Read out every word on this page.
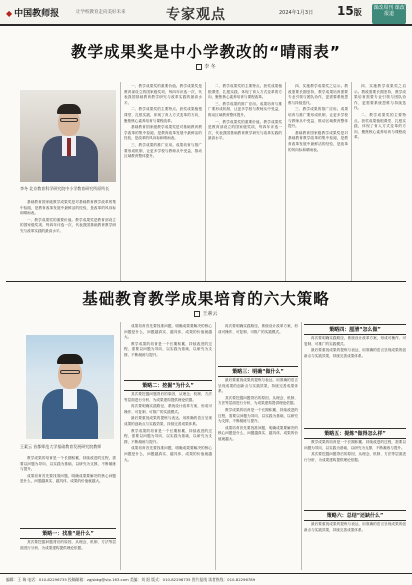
◆ 中国教师报	让学校教育走向美好未来	专家观点	2024年1月3日 15版 课改周刊 课改报道
教学成果奖是中小学教改的“晴雨表”
李 冬
李冬 北京教育科学研究院中小学教育研究所原所长

基础教育国家级教学成果奖是对基础教育教学改革的集中检阅，是教育改革发展中最鲜活的经验，是改革的风向标和晴雨表。

一、教学成果奖的重要价值。教学成果奖是教育部设立的国家级奖项，每四年评选一次，代表我国基础教育教学研究与改革实践的最高水平。

一、教学成果奖的重要价值。教学成果奖是教育部设立的国家级奖项，每四年评选一次，代表我国基础教育教学研究与改革实践的最高水平。

二、教学成果奖的主要特点。获奖成果植根课堂、扎根实践，体现了育人方式变革的方向，聚焦核心素养培育与课程改革。

基础教育国家级教学成果奖是对基础教育教学改革的集中检阅，是教育改革发展中最鲜活的经验，是改革的风向标和晴雨表。

三、教学成果的推广应用。成果培育与推广要形成机制，让更多学校与教师从中受益，推动区域教育整体提升。

二、教学成果奖的主要特点。获奖成果植根课堂、扎根实践，体现了育人方式变革的方向，聚焦核心素养培育与课程改革。

三、教学成果的推广应用。成果培育与推广要形成机制，让更多学校与教师从中受益，推动区域教育整体提升。

一、教学成果奖的重要价值。教学成果奖是教育部设立的国家级奖项，每四年评选一次，代表我国基础教育教学研究与改革实践的最高水平。

四、实施教学成果奖之启示。教改需要长期坚持，教学成果培育需要专业引领与团队协作，更需要系统思维与持续迭代。

三、教学成果的推广应用。成果培育与推广要形成机制，让更多学校与教师从中受益，推动区域教育整体提升。

基础教育国家级教学成果奖是对基础教育教学改革的集中检阅，是教育改革发展中最鲜活的经验，是改革的风向标和晴雨表。

四、实施教学成果奖之启示。教改需要长期坚持，教学成果培育需要专业引领与团队协作，更需要系统思维与持续迭代。

二、教学成果奖的主要特点。获奖成果植根课堂、扎根实践，体现了育人方式变革的方向，聚焦核心素养培育与课程改革。

基础教育教学成果培育的六大策略
王素云
王素云 首都师范大学基础教育发展研究院教师

教学成果的培育是一个长期积累、持续改进的过程，需要以问题为导向，以实践为基础，以研究为支撑，不断凝练与提升。

成果培育首先要找准问题，明确成果要解决的核心问题是什么，问题越真实、越具体，成果的价值就越大。

策略一：找准“是什么”

其次要挖掘问题背后的原因，从理念、机制、方法等层面进行分析，为成果建构提供理论依据。

成果培育首先要找准问题，明确成果要解决的核心问题是什么，问题越真实、越具体，成果的价值就越大。

教学成果的培育是一个长期积累、持续改进的过程，需要以问题为导向，以实践为基础，以研究为支撑，不断凝练与提升。

策略二：挖掘“为什么”

其次要挖掘问题背后的原因，从理念、机制、方法等层面进行分析，为成果建构提供理论依据。

再次要明确实践路径，系统设计改革方案，形成可操作、可复制、可推广的实践模式。

最后要重视成果的提炼与表达，用准确的语言呈现成果的创新点与实践效果，持续完善成果体系。

教学成果的培育是一个长期积累、持续改进的过程，需要以问题为导向，以实践为基础，以研究为支撑，不断凝练与提升。

成果培育首先要找准问题，明确成果要解决的核心问题是什么，问题越真实、越具体，成果的价值就越大。

再次要明确实践路径，系统设计改革方案，形成可操作、可复制、可推广的实践模式。

策略三：明确“做什么”

最后要重视成果的提炼与表达，用准确的语言呈现成果的创新点与实践效果，持续完善成果体系。

其次要挖掘问题背后的原因，从理念、机制、方法等层面进行分析，为成果建构提供理论依据。

教学成果的培育是一个长期积累、持续改进的过程，需要以问题为导向，以实践为基础，以研究为支撑，不断凝练与提升。

成果培育首先要找准问题，明确成果要解决的核心问题是什么，问题越真实、越具体，成果的价值就越大。

策略四：厘清“怎么做”

再次要明确实践路径，系统设计改革方案，形成可操作、可复制、可推广的实践模式。

最后要重视成果的提炼与表达，用准确的语言呈现成果的创新点与实践效果，持续完善成果体系。

策略五：提炼“做得怎么样”

教学成果的培育是一个长期积累、持续改进的过程，需要以问题为导向，以实践为基础，以研究为支撑，不断凝练与提升。

其次要挖掘问题背后的原因，从理念、机制、方法等层面进行分析，为成果建构提供理论依据。

策略六：总结“还缺什么”

最后要重视成果的提炼与表达，用准确的语言呈现成果的创新点与实践效果，持续完善成果体系。

编辑：王 瑞 电话：010-82296735 投稿邮箱：zgjsbkg@vip.163.com 美编：刘 阳 版式：010-82296735 图片报线 读者热线：010-82296789
